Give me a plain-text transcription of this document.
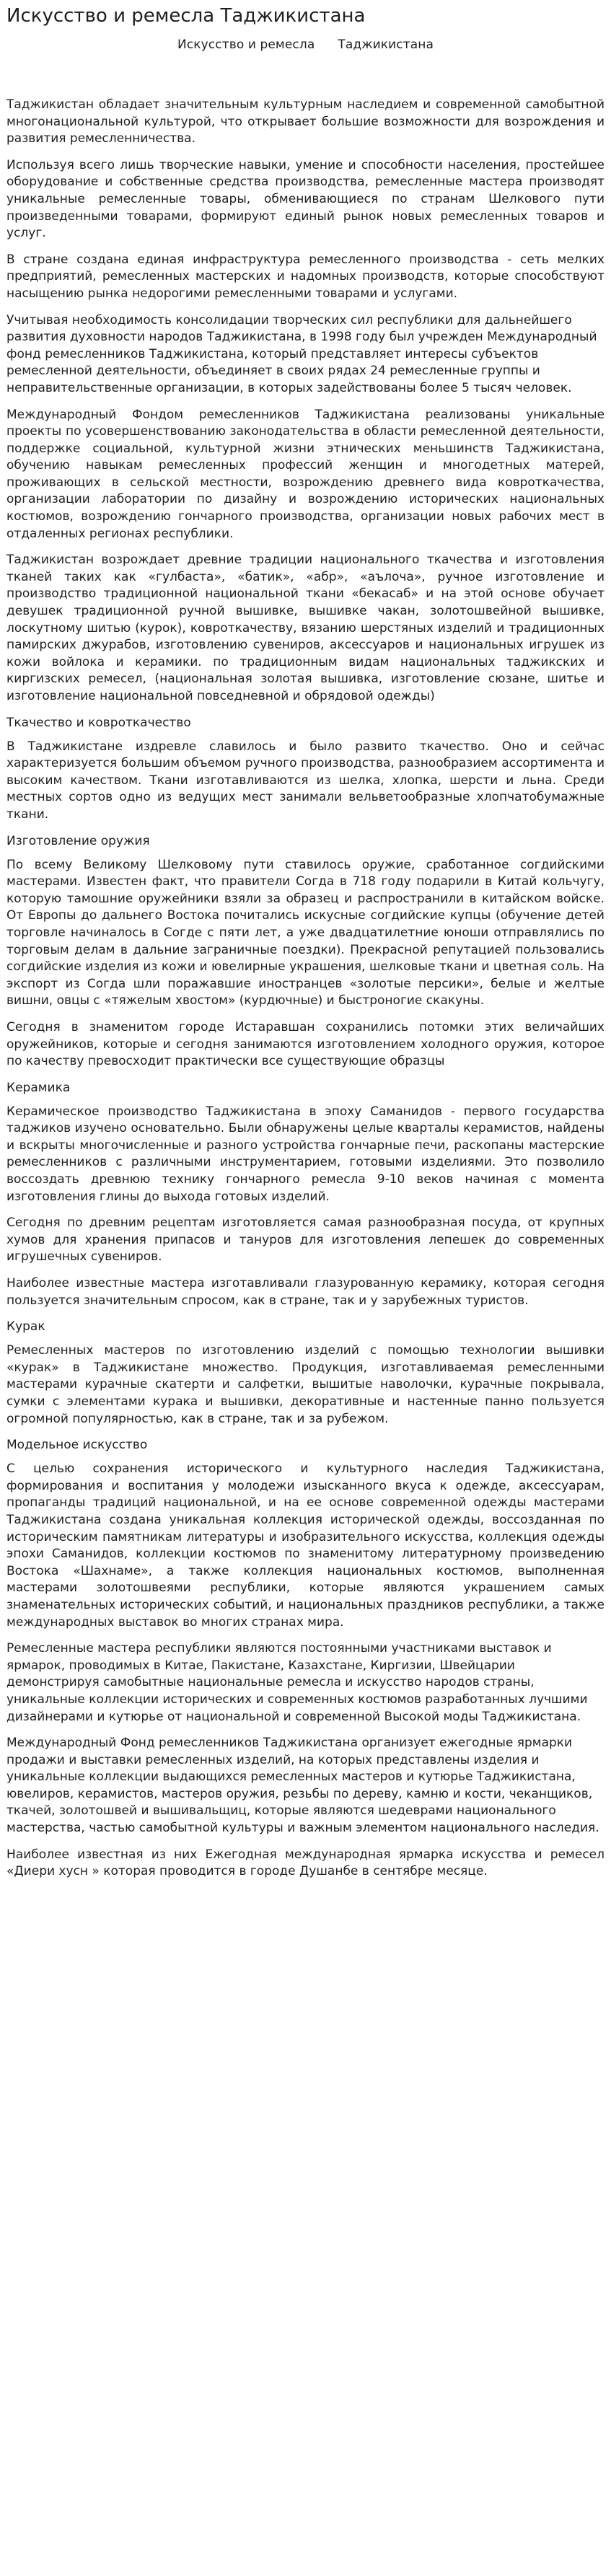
Искусство и ремесла Таджикистана
Искусство и ремесла Таджикистана

Таджикистан обладает значительным культурным наследием и современной самобытной многонациональной культурой, что открывает большие возможности для возрождения и развития ремесленничества.

Используя всего лишь творческие навыки, умение и способности населения, простейшее оборудование и собственные средства производства, ремесленные мастера производят уникальные ремесленные товары, обменивающиеся по странам Шелкового пути произведенными товарами, формируют единый рынок новых ремесленных товаров и услуг.

В стране создана единая инфраструктура ремесленного производства - сеть мелких предприятий, ремесленных мастерских и надомных производств, которые способствуют насыщению рынка недорогими ремесленными товарами и услугами.

Учитывая необходимость консолидации творческих сил республики для дальнейшего развития духовности народов Таджикистана, в 1998 году был учрежден Международный фонд ремесленников Таджикистана, который представляет интересы субъектов ремесленной деятельности, объединяет в своих рядах 24 ремесленные группы и неправительственные организации, в которых задействованы более 5 тысяч человек.

Международный Фондом ремесленников Таджикистана реализованы уникальные проекты по усовершенствованию законодательства в области ремесленной деятельности, поддержке социальной, культурной жизни этнических меньшинств Таджикистана, обучению навыкам ремесленных профессий женщин и многодетных матерей, проживающих в сельской местности, возрождению древнего вида ковроткачества, организации лаборатории по дизайну и возрождению исторических национальных костюмов, возрождению гончарного производства, организации новых рабочих мест в отдаленных регионах республики.

Таджикистан возрождает древние традиции национального ткачества и изготовления тканей таких как «гулбаста», «батик», «абр», «аълоча», ручное изготовление и производство традиционной национальной ткани «бекасаб» и на этой основе обучает девушек традиционной ручной вышивке, вышивке чакан, золотошвейной вышивке, лоскутному шитью (курок), ковроткачеству, вязанию шерстяных изделий и традиционных памирских джурабов, изготовлению сувениров, аксессуаров и национальных игрушек из кожи войлока и керамики. по традиционным видам национальных таджикских и киргизских ремесел, (национальная золотая вышивка, изготовление сюзане, шитье и изготовление национальной повседневной и обрядовой одежды)

Ткачество и ковроткачество

В Таджикистане издревле славилось и было развито ткачество. Оно и сейчас характеризуется большим объемом ручного производства, разнообразием ассортимента и высоким качеством. Ткани изготавливаются из шелка, хлопка, шерсти и льна. Среди местных сортов одно из ведущих мест занимали вельветообразные хлопчатобумажные ткани.

Изготовление оружия

По всему Великому Шелковому пути ставилось оружие, сработанное согдийскими мастерами. Известен факт, что правители Согда в 718 году подарили в Китай кольчугу, которую тамошние оружейники взяли за образец и распространили в китайском войске. От Европы до дальнего Востока почитались искусные согдийские купцы (обучение детей торговле начиналось в Согде с пяти лет, а уже двадцатилетние юноши отправлялись по торговым делам в дальние заграничные поездки). Прекрасной репутацией пользовались согдийские изделия из кожи и ювелирные украшения, шелковые ткани и цветная соль. На экспорт из Согда шли поражавшие иностранцев «золотые персики», белые и желтые вишни, овцы с «тяжелым хвостом» (курдючные) и быстроногие скакуны.

Сегодня в знаменитом городе Истаравшан сохранились потомки этих величайших оружейников, которые и сегодня занимаются изготовлением холодного оружия, которое по качеству превосходит практически все существующие образцы

Керамика

Керамическое производство Таджикистана в эпоху Саманидов - первого государства таджиков изучено основательно. Были обнаружены целые кварталы керамистов, найдены и вскрыты многочисленные и разного устройства гончарные печи, раскопаны мастерские ремесленников с различными инструментарием, готовыми изделиями. Это позволило воссоздать древнюю технику гончарного ремесла 9-10 веков начиная с момента изготовления глины до выхода готовых изделий.

Сегодня по древним рецептам изготовляется самая разнообразная посуда, от крупных хумов для хранения припасов и тануров для изготовления лепешек до современных игрушечных сувениров.

Наиболее известные мастера изготавливали глазурованную керамику, которая сегодня пользуется значительным спросом, как в стране, так и у зарубежных туристов.

Курак

Ремесленных мастеров по изготовлению изделий с помощью технологии вышивки «курак» в Таджикистане множество. Продукция, изготавливаемая ремесленными мастерами курачные скатерти и салфетки, вышитые наволочки, курачные покрывала, сумки с элементами курака и вышивки, декоративные и настенные панно пользуется огромной популярностью, как в стране, так и за рубежом.

Модельное искусство

С целью сохранения исторического и культурного наследия Таджикистана, формирования и воспитания у молодежи изысканного вкуса к одежде, аксессуарам, пропаганды традиций национальной, и на ее основе современной одежды мастерами Таджикистана создана уникальная коллекция исторической одежды, воссозданная по историческим памятникам литературы и изобразительного искусства, коллекция одежды эпохи Саманидов, коллекции костюмов по знаменитому литературному произведению Востока «Шахнаме», а также коллекция национальных костюмов, выполненная мастерами золотошвеями республики, которые являются украшением самых знаменательных исторических событий, и национальных праздников республики, а также международных выставок во многих странах мира.

Ремесленные мастера республики являются постоянными участниками выставок и ярмарок, проводимых в Китае, Пакистане, Казахстане, Киргизии, Швейцарии демонстрируя самобытные национальные ремесла и искусство народов страны, уникальные коллекции исторических и современных костюмов разработанных лучшими дизайнерами и кутюрье от национальной и современной Высокой моды Таджикистана.

Международный Фонд ремесленников Таджикистана организует ежегодные ярмарки продажи и выставки ремесленных изделий, на которых представлены изделия и уникальные коллекции выдающихся ремесленных мастеров и кутюрье Таджикистана, ювелиров, керамистов, мастеров оружия, резьбы по дереву, камню и кости, чеканщиков, ткачей, золотошвей и вышивальщиц, которые являются шедеврами национального мастерства, частью самобытной культуры и важным элементом национального наследия.

Наиболее известная из них Ежегодная международная ярмарка искусства и ремесел «Диери хусн » которая проводится в городе Душанбе в сентябре месяце.
